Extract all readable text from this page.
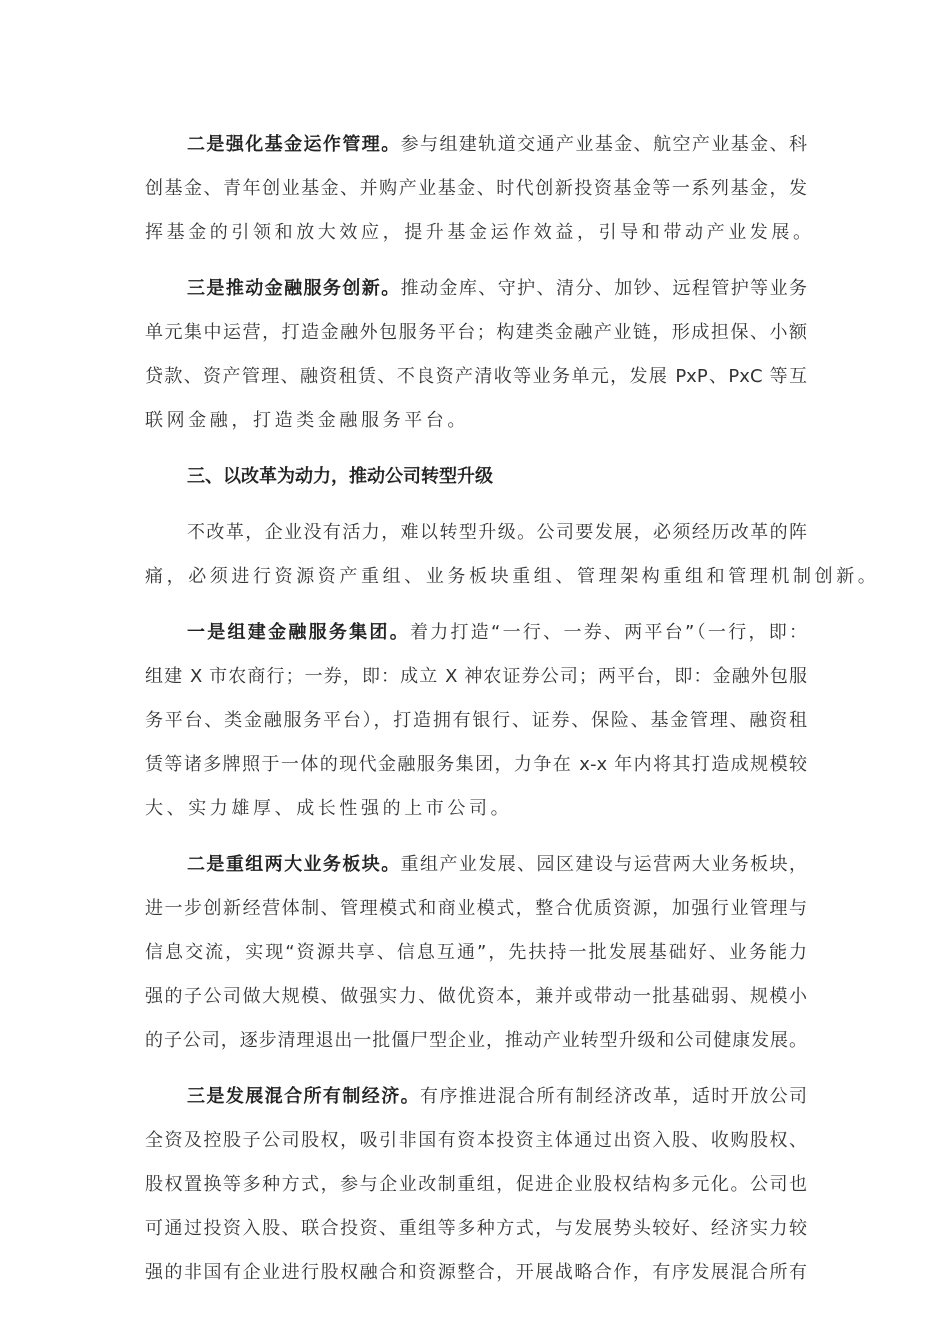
二是强化基金运作管理。参与组建轨道交通产业基金、航空产业基金、科
创基金、青年创业基金、并购产业基金、时代创新投资基金等一系列基金，发
挥基金的引领和放大效应，提升基金运作效益，引导和带动产业发展。
三是推动金融服务创新。推动金库、守护、清分、加钞、远程管护等业务
单元集中运营，打造金融外包服务平台；构建类金融产业链，形成担保、小额
贷款、资产管理、融资租赁、不良资产清收等业务单元，发展 PxP、PxC 等互
联网金融，打造类金融服务平台。
三、以改革为动力，推动公司转型升级
不改革，企业没有活力，难以转型升级。公司要发展，必须经历改革的阵
痛，必须进行资源资产重组、业务板块重组、管理架构重组和管理机制创新。
一是组建金融服务集团。着力打造“一行、一券、两平台”（一行，即：
组建 X 市农商行；一券，即：成立 X 神农证券公司；两平台，即：金融外包服
务平台、类金融服务平台），打造拥有银行、证券、保险、基金管理、融资租
赁等诸多牌照于一体的现代金融服务集团，力争在 x-x 年内将其打造成规模较
大、实力雄厚、成长性强的上市公司。
二是重组两大业务板块。重组产业发展、园区建设与运营两大业务板块，
进一步创新经营体制、管理模式和商业模式，整合优质资源，加强行业管理与
信息交流，实现“资源共享、信息互通”，先扶持一批发展基础好、业务能力
强的子公司做大规模、做强实力、做优资本，兼并或带动一批基础弱、规模小
的子公司，逐步清理退出一批僵尸型企业，推动产业转型升级和公司健康发展。
三是发展混合所有制经济。有序推进混合所有制经济改革，适时开放公司
全资及控股子公司股权，吸引非国有资本投资主体通过出资入股、收购股权、
股权置换等多种方式，参与企业改制重组，促进企业股权结构多元化。公司也
可通过投资入股、联合投资、重组等多种方式，与发展势头较好、经济实力较
强的非国有企业进行股权融合和资源整合，开展战略合作，有序发展混合所有
